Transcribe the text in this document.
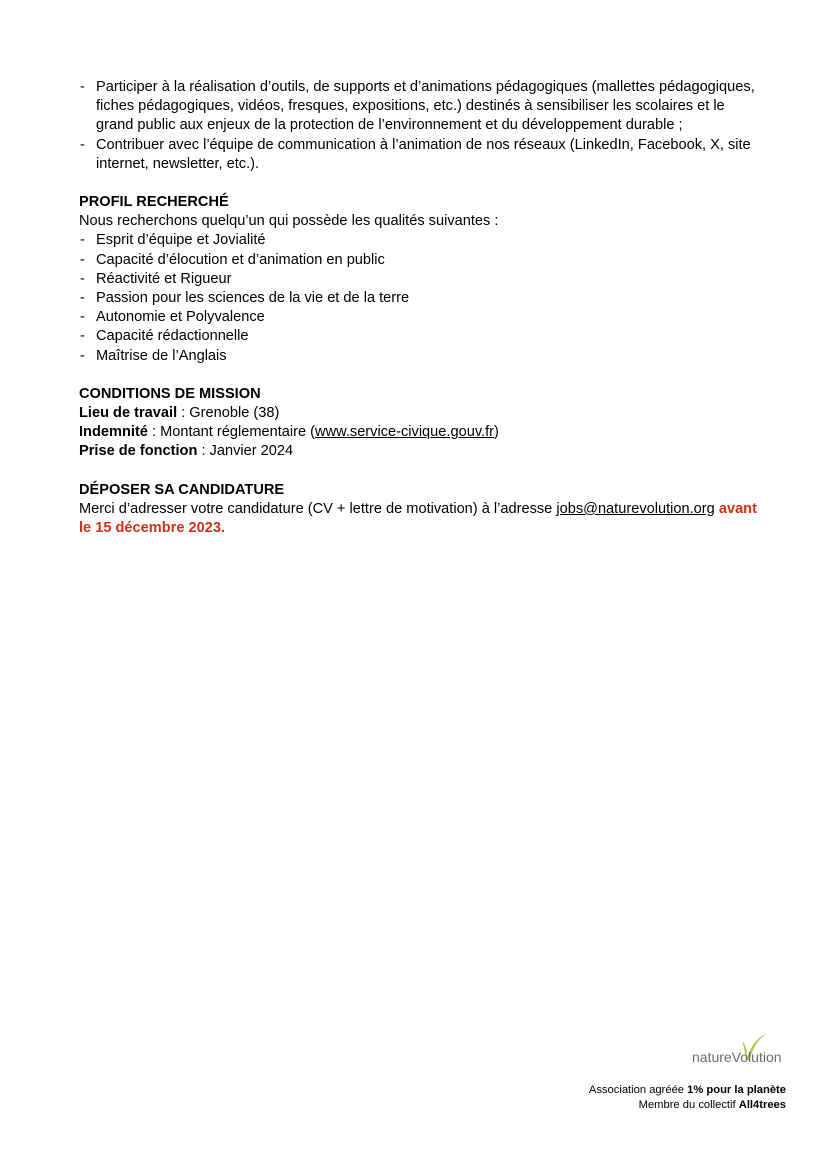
- Participer à la réalisation d’outils, de supports et d’animations pédagogiques (mallettes pédagogiques, fiches pédagogiques, vidéos, fresques, expositions, etc.) destinés à sensibiliser les scolaires et le grand public aux enjeux de la protection de l’environnement et du développement durable ;
- Contribuer avec l’équipe de communication à l’animation de nos réseaux (LinkedIn, Facebook, X, site internet, newsletter, etc.).
PROFIL RECHERCHÉ

Nous recherchons quelqu’un qui possède les qualités suivantes :

- Esprit d’équipe et Jovialité
- Capacité d’élocution et d’animation en public
- Réactivité et Rigueur
- Passion pour les sciences de la vie et de la terre
- Autonomie et Polyvalence
- Capacité rédactionnelle
- Maîtrise de l’Anglais
CONDITIONS DE MISSION

Lieu de travail : Grenoble (38)

Indemnité : Montant réglementaire (www.service-civique.gouv.fr)

Prise de fonction : Janvier 2024

DÉPOSER SA CANDIDATURE

Merci d’adresser votre candidature (CV + lettre de motivation) à l’adresse jobs@naturevolution.org avant le 15 décembre 2023.

natureVolution
Association agréée 1% pour la planète
Membre du collectif All4trees
